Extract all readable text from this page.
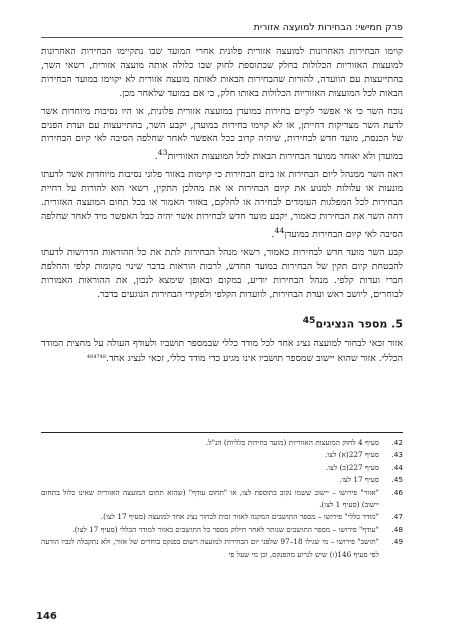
פרק חמישי: הבחירות למועצה אזורית

קוימו הבחירות האחרונות למועצה אזורית פלונית אחרי המועד שבו נתקיימו הבחירות האחרונות למועצות האזוריות הכלולות בחלק שבתוספת לחוק שבו כלולה אותה מועצה אזורית, רשאי השר, בהתייעצות עם הוועדה, להורות שהבחירות הבאות לאותה מועצה אזורית לא יקוימו במועד הבחירות הבאות לכל המועצות האזוריות הכלולות באותו חלק, כי אם במועד שלאחר מכן.

נוכח השר כי אי אפשר לקיים בחירות במועדן במועצה אזורית פלונית, או היו נסיבות מיוחדות אשר לדעת השר מצדיקות דחייתן, או לא קוימו בחירות במועדן, יקבע השר, בהתייעצות עם ועדת הפנים של הכנסת, מועד חדש לבחירות, שיהיה קרוב ככל האפשר לאחר שחלפה הסיבה לאי קיום הבחירות במועדן ולא יאוחר ממועד הבחירות הבאות לכל המועצות האזוריות$^{43}$.

ראה השר ממנהל ליום הבחירות או ביום הבחירות כי קיימות באזור פלוני נסיבות מיוחדות אשר לדעתו מונעות או עלולות למנוע את קיום הבחירות או את מהלכן התקין, רשאי הוא להורות על דחיית הבחירות לכל המפלגות העומדים לבחירה או לחלקם, באזור האמור או בכל תחום המועצה האזורית. דחה השר את הבחירות כאמור, יקבע מועד חדש לבחירות אשר יהיה כבל האפשר מיד לאחר שחלפה הסיבה לאי קיום הבחירות במועדן$^{44}$.

קבע השר מועד חדש לבחירות כאמור, רשאי מנהל הבחירות לתת את כל ההוראות הדרושות לדעתו להבטחת קיום תקין של הבחירות במועד החדש, לרבות הוראות בדבר שינוי מקומות קלפי והחלפת חברי ועדות קלפי. מנהל הבחירות יודיע, במקום ובאופן שימצא לנכון, את ההוראות האמורות לבוחרים, ליושב ראש ועדת הבחירות, לוועדות הקלפי ולפקידי הבחירות הנוגעים בדבר.

5. מספר הנציגים$^{45}$

אזור זכאי לבחור למועצה נציג אחד לכל מודד כללי שבמספר תושביו ולעודף העולה על מחצית המודד הכללי. אזור שהוא יישוב שמספר תושביו אינו מגיע כדי מודד כללי, זכאי לנציג אחד.$^{464748}$

42.
סעיף 4 לחוק המועצות האזוריות (מועד בחירות כלליות) הנ"ל.
43.
סעיף 227(א) לצו.
44.
סעיף 227(ב) לצו.
45.
סעיף 17 לצו.
46.
"אזור" פירושו – יישוב ששמו נקוב בתוספת לצו, או "תחום עודף" (שהוא תחום המועצה האזורית שאינו כלול בתחום יישוב) (סעיף 1 לצו).
47.
"מודד כללי" פירושו – מספר התושבים המקנה לאזור זכות לבחור נציג אחד למועצה (סעיף 17 לצו).
48.
"עודף" פירושו – מספר התושבים שנותר לאחר חילוק מספר כל התושבים באזור למודד הכללי (סעיף 17 לצו).
49.
"תושב" פירושו – מי שגילו 18–97 שלפני יום הבחירות למועצה רשום בפנקס בוחרים של אזור, ולא נתקבלה לגביו הודעה לפי סעיף 146(ז) שיש לגרוע מהפנקס, וכן מי שעל פי
146
